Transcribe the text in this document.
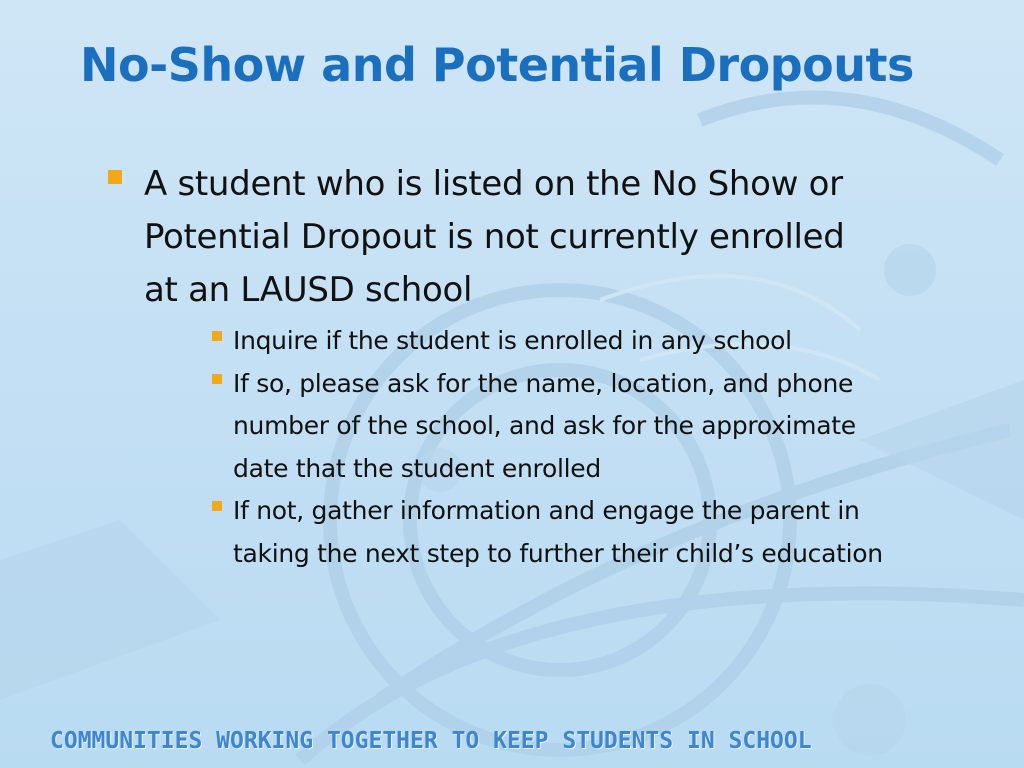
No-Show and Potential Dropouts
A student who is listed on the No Show or Potential Dropout is not currently enrolled at an LAUSD school
Inquire if the student is enrolled in any school
If so, please ask for the name, location, and phone number of the school, and ask for the approximate date that the student enrolled
If not, gather information and engage the parent in taking the next step to further their child’s education
COMMUNITIES WORKING TOGETHER TO KEEP STUDENTS IN SCHOOL
